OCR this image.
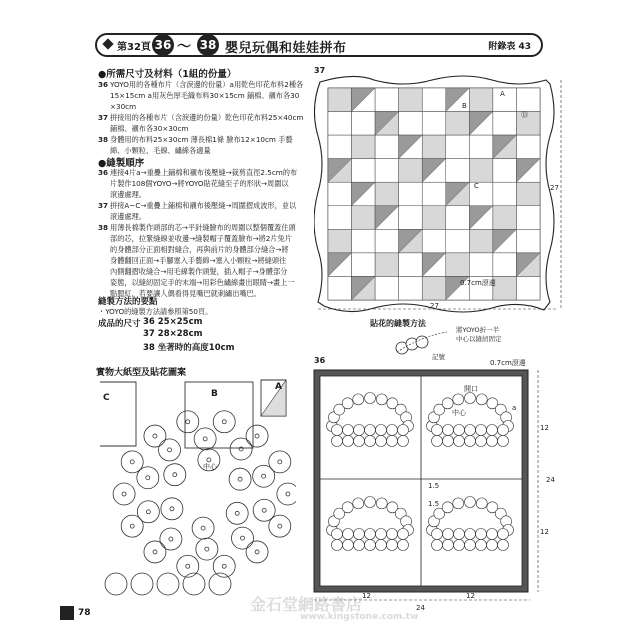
第32頁 36 ～ 38 嬰兒玩偶和娃娃拼布	附錄表 43
●所需尺寸及材料（1組的份量）
36 YOYO用的各種布片（含淚邊的份量）a用乾色印花布料2種各
15×15cm a用灰色厚毛織布料30×15cm 鋪棉、襯布各30
×30cm
37 拼接用的各種布片（含淚邊的份量）乾色印花布料25×40cm
鋪棉、襯布各30×30cm
38 身體用的布料25×30cm 薄長棉1條 臉布12×10cm 手藝
綿、小顆粒、毛線、繡線各適量
●縫製順序
36 連接4片a→重疊上鋪棉和襯布後壓縫→裁剪直徑2.5cm的布
片製作108個YOYO→將YOYO貼花縫至子的形狀→周圍以
滾邊處理。
37 拼接A~C→重疊上鋪棉和襯布後壓縫→周圍摺成波形，並以
滾邊處理。
38 用薄長棉製作頭部的芯→平針縫臉布的周圍以整個覆蓋住頭
部的芯，拉緊縫線並收邊→縫製帽子覆蓋臉布→將2片兔片
的身體部分正面相對縫合，再與前片的身體部分縫合→將
身體翻回正面→手腳塞入手藝綿→塞入小顆粒→將縫頭往
內側翻摺收縫合→用毛線製作頭髮，插入帽子→身體部分
姿態，以縫紉固定手的末端→用彩色繡線畫出眼睛→畫上一
點腮紅，若要讓人偶看得見嘴巴就刺繡出嘴巴。
縫製方法的要點
・YOYO的縫製方法請參照第50頁。
成品的尺寸 36 25×25cm
37 28×28cm
38 坐著時的高度10cm
實物大紙型及貼花圖案
C	B
A
中心
37
A
B
C
⑬
27
27
0.7cm滾邊
貼花的縫製方法
將YOYO折一半
中心以縫紉固定
記號
36	0.7cm滾邊
開口
中心
a
12
24
12
12
24
12
1.5
1.5
78	金石堂網路書店
www.kingstone.com.tw
